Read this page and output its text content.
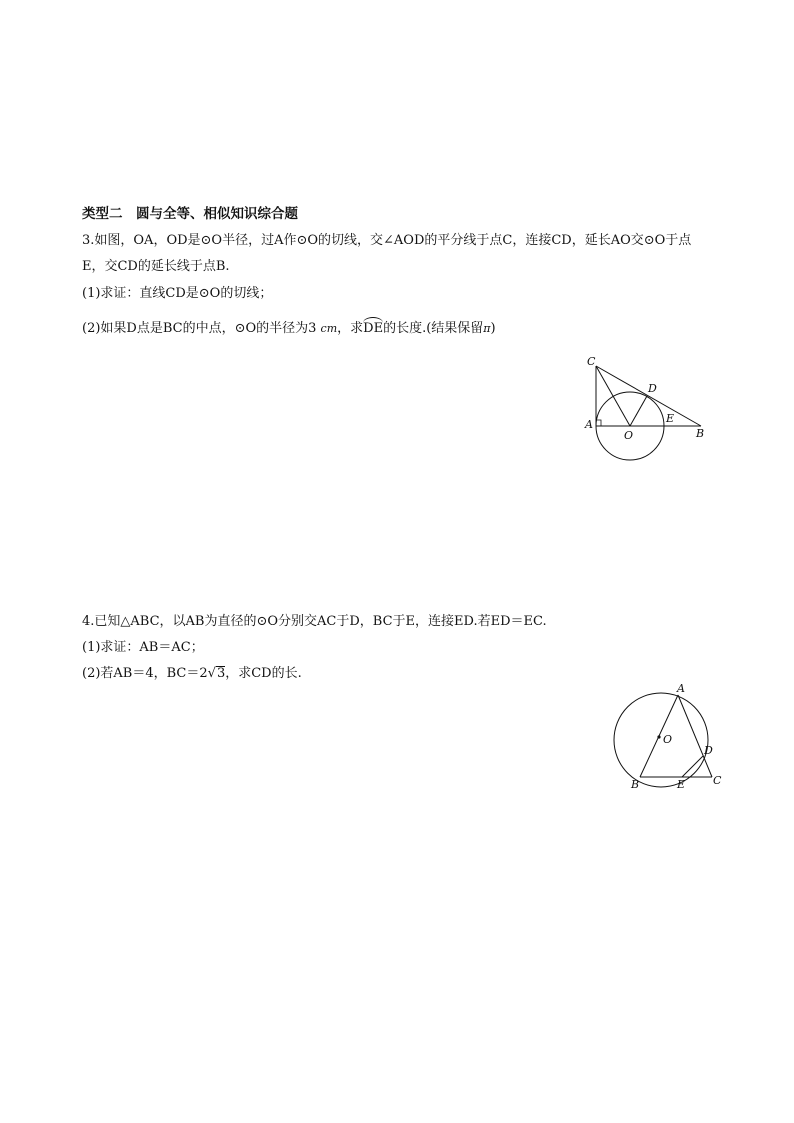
类型二　圆与全等、相似知识综合题
3.如图，OA，OD是⊙O半径，过A作⊙O的切线，交∠AOD的平分线于点C，连接CD，延长AO交⊙O于点
E，交CD的延长线于点B.
(1)求证：直线CD是⊙O的切线；
(2)如果D点是BC的中点，⊙O的半径为3 cm，求DE的长度.(结果保留π)
C
D
A
O
E
B
4.已知△ABC，以AB为直径的⊙O分别交AC于D，BC于E，连接ED.若ED＝EC.
(1)求证：AB＝AC；
(2)若AB＝4，BC＝2√3，求CD的长.
A
O
D
B	E	C
